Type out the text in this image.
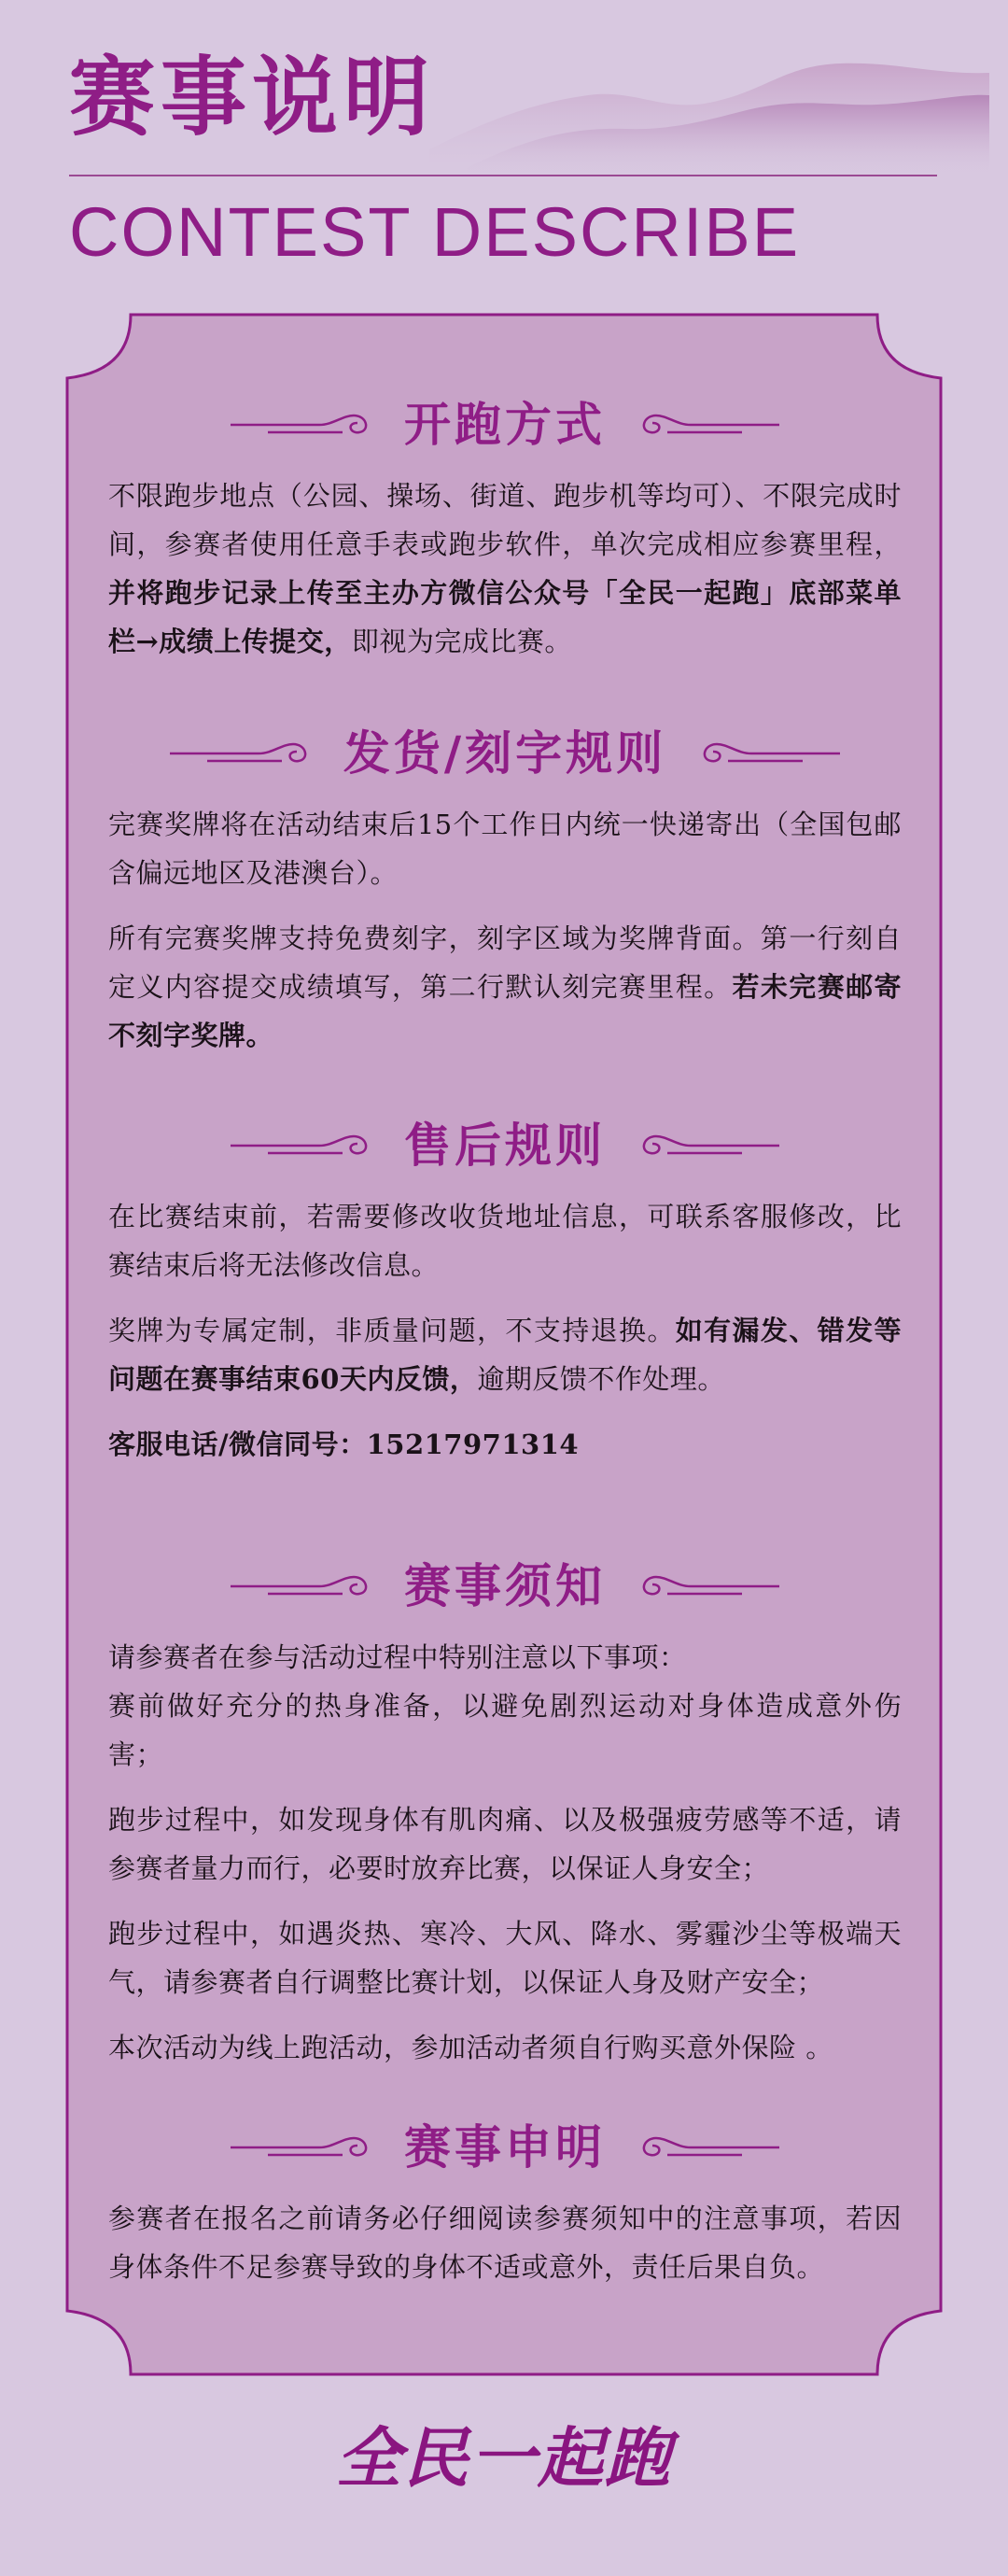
赛事说明
CONTEST DESCRIBE
开跑方式

不限跑步地点（公园、操场、街道、跑步机等均可）、不限完成时间，参赛者使用任意手表或跑步软件，单次完成相应参赛里程，并将跑步记录上传至主办方微信公众号「全民一起跑」底部菜单栏→成绩上传提交，即视为完成比赛。

发货/刻字规则

完赛奖牌将在活动结束后15个工作日内统一快递寄出（全国包邮含偏远地区及港澳台）。

所有完赛奖牌支持免费刻字，刻字区域为奖牌背面。第一行刻自定义内容提交成绩填写，第二行默认刻完赛里程。若未完赛邮寄不刻字奖牌。

售后规则

在比赛结束前，若需要修改收货地址信息，可联系客服修改，比赛结束后将无法修改信息。

奖牌为专属定制，非质量问题，不支持退换。如有漏发、错发等问题在赛事结束60天内反馈，逾期反馈不作处理。

客服电话/微信同号：15217971314

赛事须知

请参赛者在参与活动过程中特别注意以下事项：
赛前做好充分的热身准备，以避免剧烈运动对身体造成意外伤害；

跑步过程中，如发现身体有肌肉痛、以及极强疲劳感等不适，请参赛者量力而行，必要时放弃比赛，以保证人身安全；

跑步过程中，如遇炎热、寒冷、大风、降水、雾霾沙尘等极端天气，请参赛者自行调整比赛计划，以保证人身及财产安全；

本次活动为线上跑活动，参加活动者须自行购买意外保险 。

赛事申明

参赛者在报名之前请务必仔细阅读参赛须知中的注意事项，若因身体条件不足参赛导致的身体不适或意外，责任后果自负。

全民一起跑
